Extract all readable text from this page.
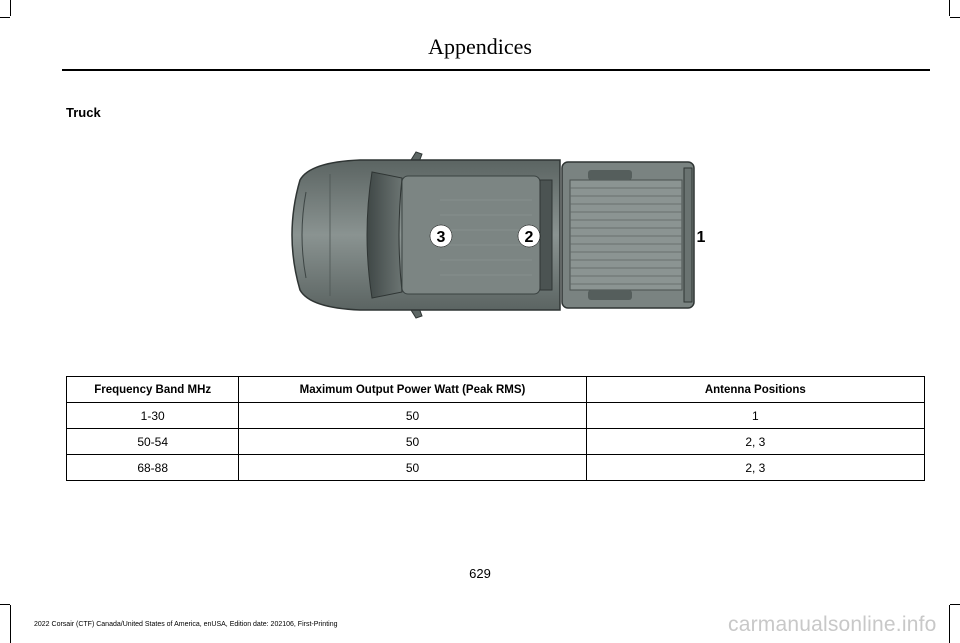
Appendices
Truck
3	2	1
Frequency Band MHz	Maximum Output Power Watt (Peak RMS)	Antenna Positions
1-30	50	1
50-54	50	2, 3
68-88	50	2, 3
629
2022 Corsair (CTF) Canada/United States of America, enUSA, Edition date: 202106, First-Printing	carmanualsonline.info
